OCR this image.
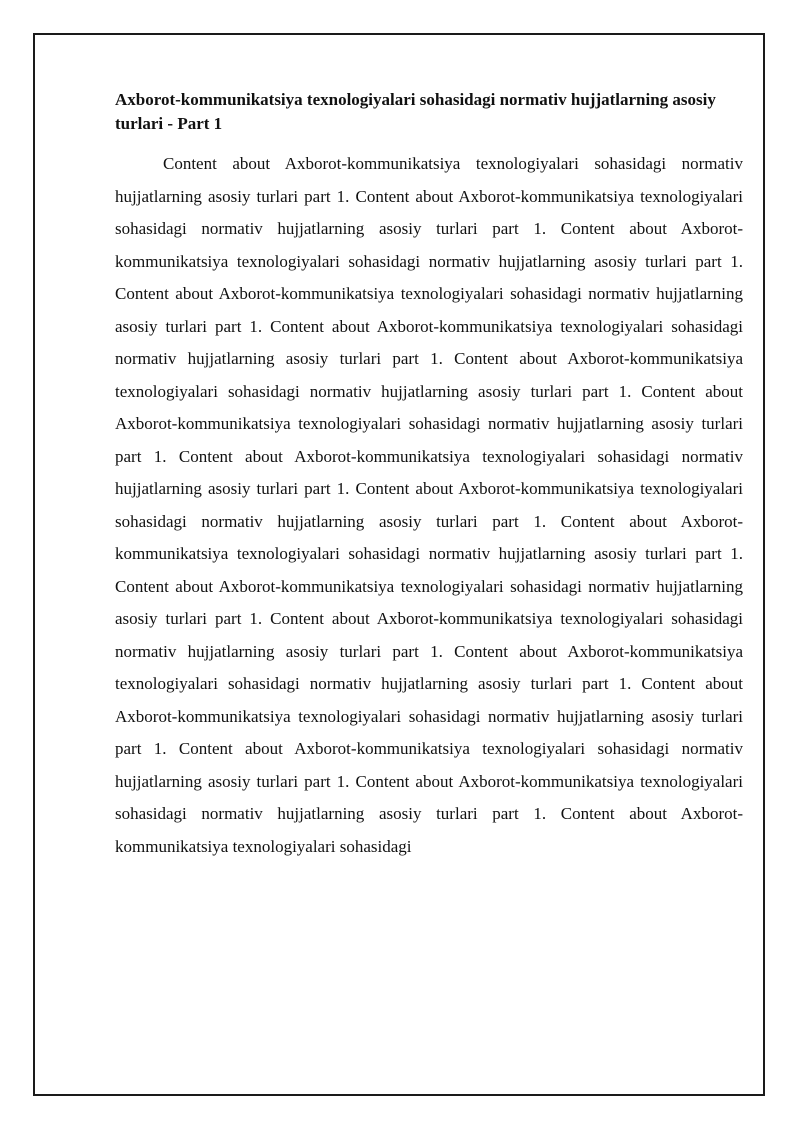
Axborot-kommunikatsiya texnologiyalari sohasidagi normativ hujjatlarning asosiy turlari - Part 1

Content about Axborot-kommunikatsiya texnologiyalari sohasidagi normativ hujjatlarning asosiy turlari part 1. Content about Axborot-kommunikatsiya texnologiyalari sohasidagi normativ hujjatlarning asosiy turlari part 1. Content about Axborot-kommunikatsiya texnologiyalari sohasidagi normativ hujjatlarning asosiy turlari part 1. Content about Axborot-kommunikatsiya texnologiyalari sohasidagi normativ hujjatlarning asosiy turlari part 1. Content about Axborot-kommunikatsiya texnologiyalari sohasidagi normativ hujjatlarning asosiy turlari part 1. Content about Axborot-kommunikatsiya texnologiyalari sohasidagi normativ hujjatlarning asosiy turlari part 1. Content about Axborot-kommunikatsiya texnologiyalari sohasidagi normativ hujjatlarning asosiy turlari part 1. Content about Axborot-kommunikatsiya texnologiyalari sohasidagi normativ hujjatlarning asosiy turlari part 1. Content about Axborot-kommunikatsiya texnologiyalari sohasidagi normativ hujjatlarning asosiy turlari part 1. Content about Axborot-kommunikatsiya texnologiyalari sohasidagi normativ hujjatlarning asosiy turlari part 1. Content about Axborot-kommunikatsiya texnologiyalari sohasidagi normativ hujjatlarning asosiy turlari part 1. Content about Axborot-kommunikatsiya texnologiyalari sohasidagi normativ hujjatlarning asosiy turlari part 1. Content about Axborot-kommunikatsiya texnologiyalari sohasidagi normativ hujjatlarning asosiy turlari part 1. Content about Axborot-kommunikatsiya texnologiyalari sohasidagi normativ hujjatlarning asosiy turlari part 1. Content about Axborot-kommunikatsiya texnologiyalari sohasidagi normativ hujjatlarning asosiy turlari part 1. Content about Axborot-kommunikatsiya texnologiyalari sohasidagi normativ hujjatlarning asosiy turlari part 1. Content about Axborot-kommunikatsiya texnologiyalari sohasidagi
